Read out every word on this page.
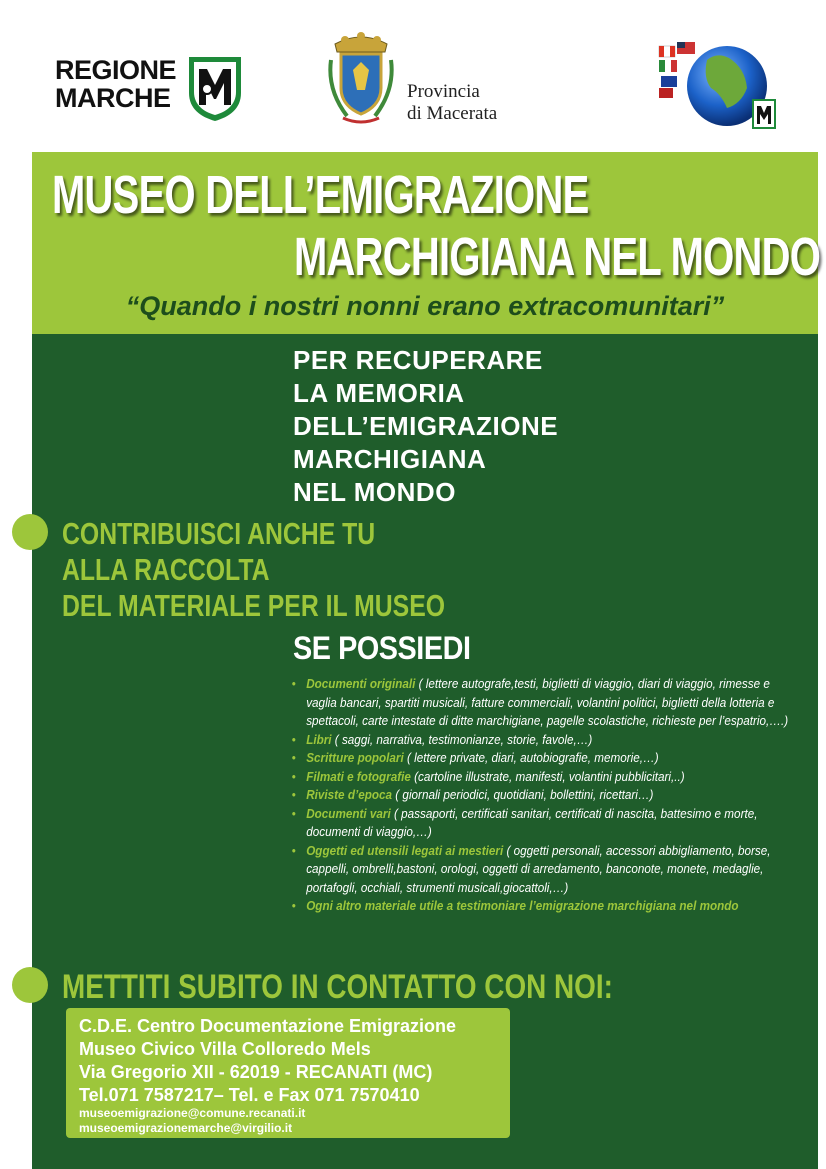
REGIONE
MARCHE	Provincia
di Macerata
MUSEO DELL’EMIGRAZIONE
MARCHIGIANA NEL MONDO
“Quando i nostri nonni erano extracomunitari”
PER RECUPERARE
LA MEMORIA
DELL’EMIGRAZIONE
MARCHIGIANA
NEL MONDO
CONTRIBUISCI ANCHE TU
ALLA RACCOLTA
DEL MATERIALE PER IL MUSEO
SE POSSIEDI
• Documenti originali ( lettere autografe,testi, biglietti di viaggio, diari di viaggio, rimesse e vaglia bancari, spartiti musicali, fatture commerciali, volantini politici, biglietti della lotteria e spettacoli, carte intestate di ditte marchigiane, pagelle scolastiche, richieste per l’espatrio,….)
• Libri ( saggi, narrativa, testimonianze, storie, favole,…)
• Scritture popolari ( lettere private, diari, autobiografie, memorie,…)
• Filmati e fotografie (cartoline illustrate, manifesti, volantini pubblicitari,..)
• Riviste d’epoca ( giornali periodici, quotidiani, bollettini, ricettari…)
• Documenti vari ( passaporti, certificati sanitari, certificati di nascita, battesimo e morte, documenti di viaggio,…)
• Oggetti ed utensili legati ai mestieri ( oggetti personali, accessori abbigliamento, borse, cappelli, ombrelli,bastoni, orologi, oggetti di arredamento, banconote, monete, medaglie, portafogli, occhiali, strumenti musicali,giocattoli,…)
• Ogni altro materiale utile a testimoniare l’emigrazione marchigiana nel mondo
METTITI SUBITO IN CONTATTO CON NOI:
C.D.E. Centro Documentazione Emigrazione
Museo Civico Villa Colloredo Mels
Via Gregorio XII - 62019 - RECANATI (MC)
Tel.071 7587217– Tel. e Fax 071 7570410
museoemigrazione@comune.recanati.it
museoemigrazionemarche@virgilio.it
